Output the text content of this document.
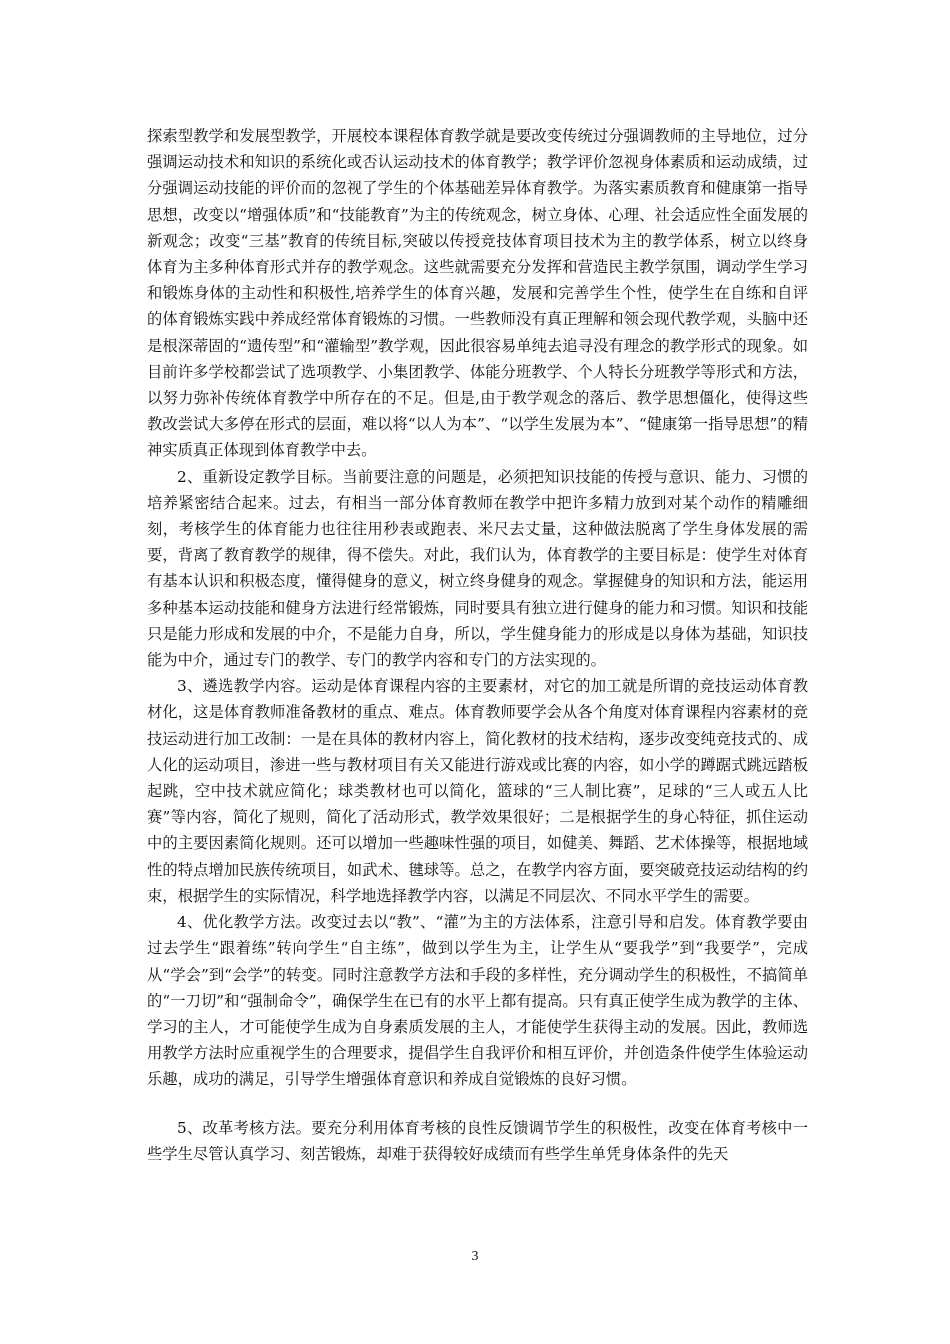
探索型教学和发展型教学，开展校本课程体育教学就是要改变传统过分强调教师的主导地位，过分强调运动技术和知识的系统化或否认运动技术的体育教学；教学评价忽视身体素质和运动成绩，过分强调运动技能的评价而的忽视了学生的个体基础差异体育教学。为落实素质教育和健康第一指导思想，改变以“增强体质”和“技能教育”为主的传统观念，树立身体、心理、社会适应性全面发展的新观念；改变“三基”教育的传统目标,突破以传授竞技体育项目技术为主的教学体系，树立以终身体育为主多种体育形式并存的教学观念。这些就需要充分发挥和营造民主教学氛围，调动学生学习和锻炼身体的主动性和积极性,培养学生的体育兴趣，发展和完善学生个性，使学生在自练和自评的体育锻炼实践中养成经常体育锻炼的习惯。一些教师没有真正理解和领会现代教学观，头脑中还是根深蒂固的“遗传型”和“灌输型”教学观，因此很容易单纯去追寻没有理念的教学形式的现象。如目前许多学校都尝试了选项教学、小集团教学、体能分班教学、个人特长分班教学等形式和方法，以努力弥补传统体育教学中所存在的不足。但是,由于教学观念的落后、教学思想僵化，使得这些教改尝试大多停在形式的层面，难以将“以人为本”、“以学生发展为本”、“健康第一指导思想”的精神实质真正体现到体育教学中去。

2、重新设定教学目标。当前要注意的问题是，必须把知识技能的传授与意识、能力、习惯的培养紧密结合起来。过去，有相当一部分体育教师在教学中把许多精力放到对某个动作的精雕细刻，考核学生的体育能力也往往用秒表或跑表、米尺去丈量，这种做法脱离了学生身体发展的需要，背离了教育教学的规律，得不偿失。对此，我们认为，体育教学的主要目标是：使学生对体育有基本认识和积极态度，懂得健身的意义，树立终身健身的观念。掌握健身的知识和方法，能运用多种基本运动技能和健身方法进行经常锻炼，同时要具有独立进行健身的能力和习惯。知识和技能只是能力形成和发展的中介，不是能力自身，所以，学生健身能力的形成是以身体为基础，知识技能为中介，通过专门的教学、专门的教学内容和专门的方法实现的。

3、遴选教学内容。运动是体育课程内容的主要素材，对它的加工就是所谓的竞技运动体育教材化，这是体育教师准备教材的重点、难点。体育教师要学会从各个角度对体育课程内容素材的竞技运动进行加工改制：一是在具体的教材内容上，简化教材的技术结构，逐步改变纯竞技式的、成人化的运动项目，渗进一些与教材项目有关又能进行游戏或比赛的内容，如小学的蹲踞式跳远踏板起跳，空中技术就应简化；球类教材也可以简化，篮球的“三人制比赛”，足球的“三人或五人比赛”等内容，简化了规则，简化了活动形式，教学效果很好；二是根据学生的身心特征，抓住运动中的主要因素简化规则。还可以增加一些趣味性强的项目，如健美、舞蹈、艺术体操等，根据地域性的特点增加民族传统项目，如武术、毽球等。总之，在教学内容方面，要突破竞技运动结构的约束，根据学生的实际情况，科学地选择教学内容，以满足不同层次、不同水平学生的需要。

4、优化教学方法。改变过去以“教”、“灌”为主的方法体系，注意引导和启发。体育教学要由过去学生“跟着练”转向学生“自主练”，做到以学生为主，让学生从“要我学”到“我要学”，完成从“学会”到“会学”的转变。同时注意教学方法和手段的多样性，充分调动学生的积极性，不搞简单的“一刀切”和“强制命令”，确保学生在已有的水平上都有提高。只有真正使学生成为教学的主体、学习的主人，才可能使学生成为自身素质发展的主人，才能使学生获得主动的发展。因此，教师选用教学方法时应重视学生的合理要求，提倡学生自我评价和相互评价，并创造条件使学生体验运动乐趣，成功的满足，引导学生增强体育意识和养成自觉锻炼的良好习惯。

5、改革考核方法。要充分利用体育考核的良性反馈调节学生的积极性，改变在体育考核中一些学生尽管认真学习、刻苦锻炼，却难于获得较好成绩而有些学生单凭身体条件的先天

3
